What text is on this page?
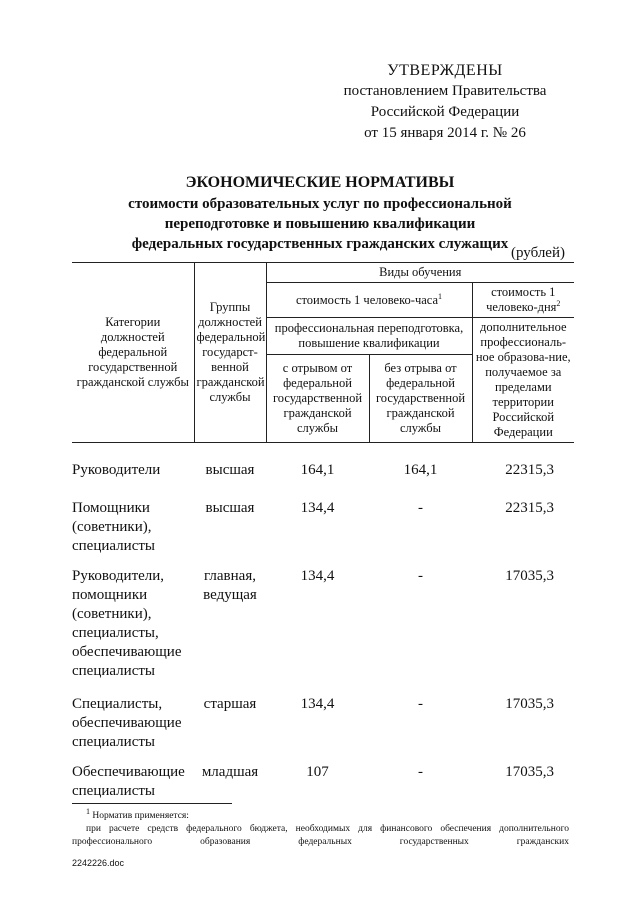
УТВЕРЖДЕНЫ
постановлением Правительства
Российской Федерации
от 15 января 2014 г. № 26
ЭКОНОМИЧЕСКИЕ НОРМАТИВЫ
стоимости образовательных услуг по профессиональной
переподготовке и повышению квалификации
федеральных государственных гражданских служащих
(рублей)
Категории должностей федеральной государственной гражданской службы	Группы должностей федеральной государст-венной гражданской службы	Виды обучения		
		стоимость 1 человеко-часа$^1$		стоимость 1 человеко-дня$^2$
		профессиональная переподготовка, повышение квалификации		дополнительное профессиональ-ное образова-ние, получаемое за пределами территории Российской Федерации
		с отрывом от федеральной государственной гражданской службы	без отрыва от федеральной государственной гражданской службы	

Руководители	высшая	164,1	164,1	22315,3
Помощники (советники), специалисты	высшая	134,4	-	22315,3
Руководители, помощники (советники), специалисты, обеспечивающие специалисты	главная, ведущая	134,4	-	17035,3
Специалисты, обеспечивающие специалисты	старшая	134,4	-	17035,3
Обеспечивающие специалисты	младшая	107	-	17035,3
$^1$ Норматив применяется:
при расчете средств федерального бюджета, необходимых для финансового обеспечения дополнительного профессионального образования федеральных государственных гражданских
2242226.doc
